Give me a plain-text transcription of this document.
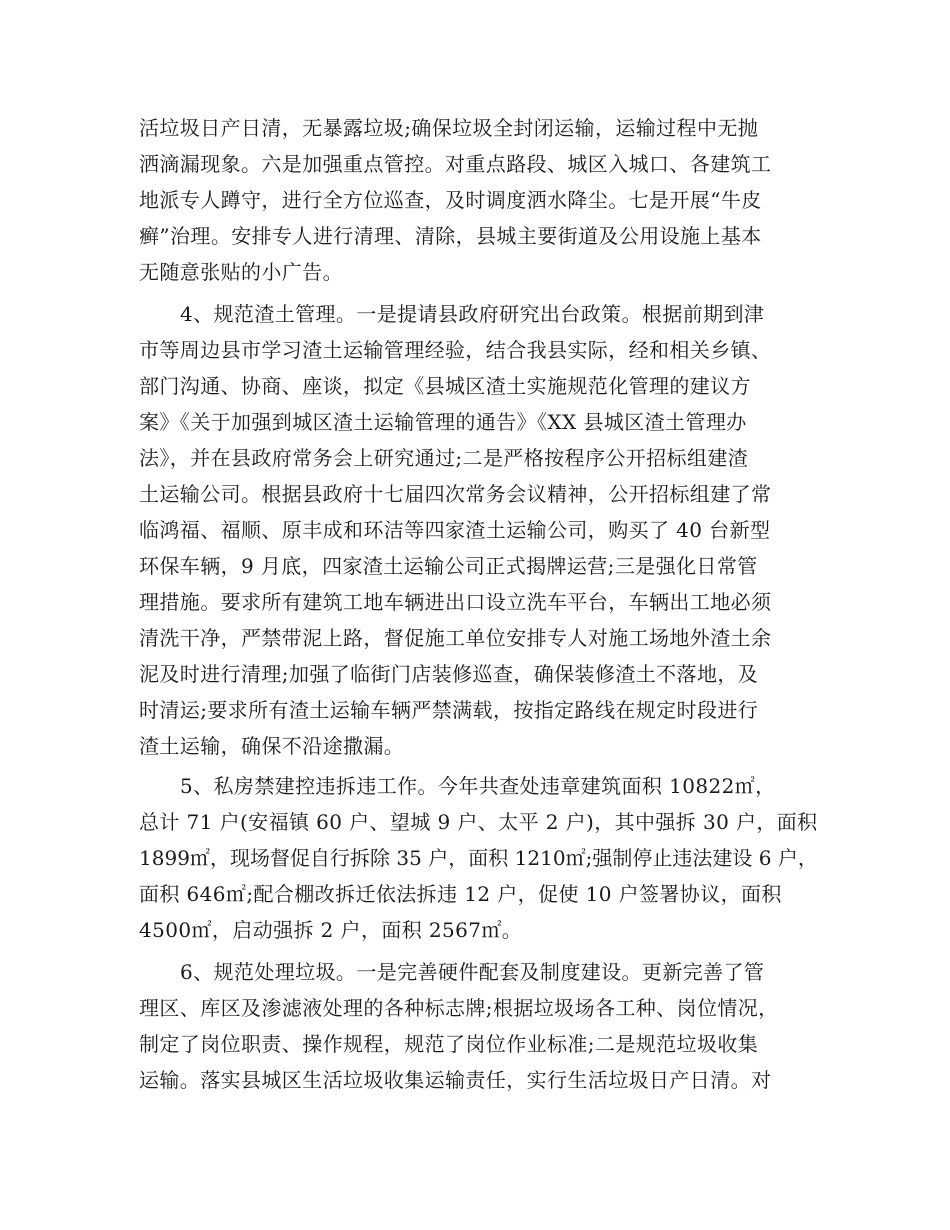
活垃圾日产日清，无暴露垃圾;确保垃圾全封闭运输，运输过程中无抛
洒滴漏现象。六是加强重点管控。对重点路段、城区入城口、各建筑工
地派专人蹲守，进行全方位巡查，及时调度洒水降尘。七是开展“牛皮
癣”治理。安排专人进行清理、清除，县城主要街道及公用设施上基本
无随意张贴的小广告。
4、规范渣土管理。一是提请县政府研究出台政策。根据前期到津
市等周边县市学习渣土运输管理经验，结合我县实际，经和相关乡镇、
部门沟通、协商、座谈，拟定《县城区渣土实施规范化管理的建议方
案》《关于加强到城区渣土运输管理的通告》《XX 县城区渣土管理办
法》，并在县政府常务会上研究通过;二是严格按程序公开招标组建渣
土运输公司。根据县政府十七届四次常务会议精神，公开招标组建了常
临鸿福、福顺、原丰成和环洁等四家渣土运输公司，购买了 40 台新型
环保车辆，9 月底，四家渣土运输公司正式揭牌运营;三是强化日常管
理措施。要求所有建筑工地车辆进出口设立洗车平台，车辆出工地必须
清洗干净，严禁带泥上路，督促施工单位安排专人对施工场地外渣土余
泥及时进行清理;加强了临街门店装修巡查，确保装修渣土不落地，及
时清运;要求所有渣土运输车辆严禁满载，按指定路线在规定时段进行
渣土运输，确保不沿途撒漏。
5、私房禁建控违拆违工作。今年共查处违章建筑面积 10822㎡，
总计 71 户(安福镇 60 户、望城 9 户、太平 2 户)，其中强拆 30 户，面积
1899㎡，现场督促自行拆除 35 户，面积 1210㎡;强制停止违法建设 6 户，
面积 646㎡;配合棚改拆迁依法拆违 12 户，促使 10 户签署协议，面积
4500㎡，启动强拆 2 户，面积 2567㎡。
6、规范处理垃圾。一是完善硬件配套及制度建设。更新完善了管
理区、库区及渗滤液处理的各种标志牌;根据垃圾场各工种、岗位情况，
制定了岗位职责、操作规程，规范了岗位作业标准;二是规范垃圾收集
运输。落实县城区生活垃圾收集运输责任，实行生活垃圾日产日清。对
